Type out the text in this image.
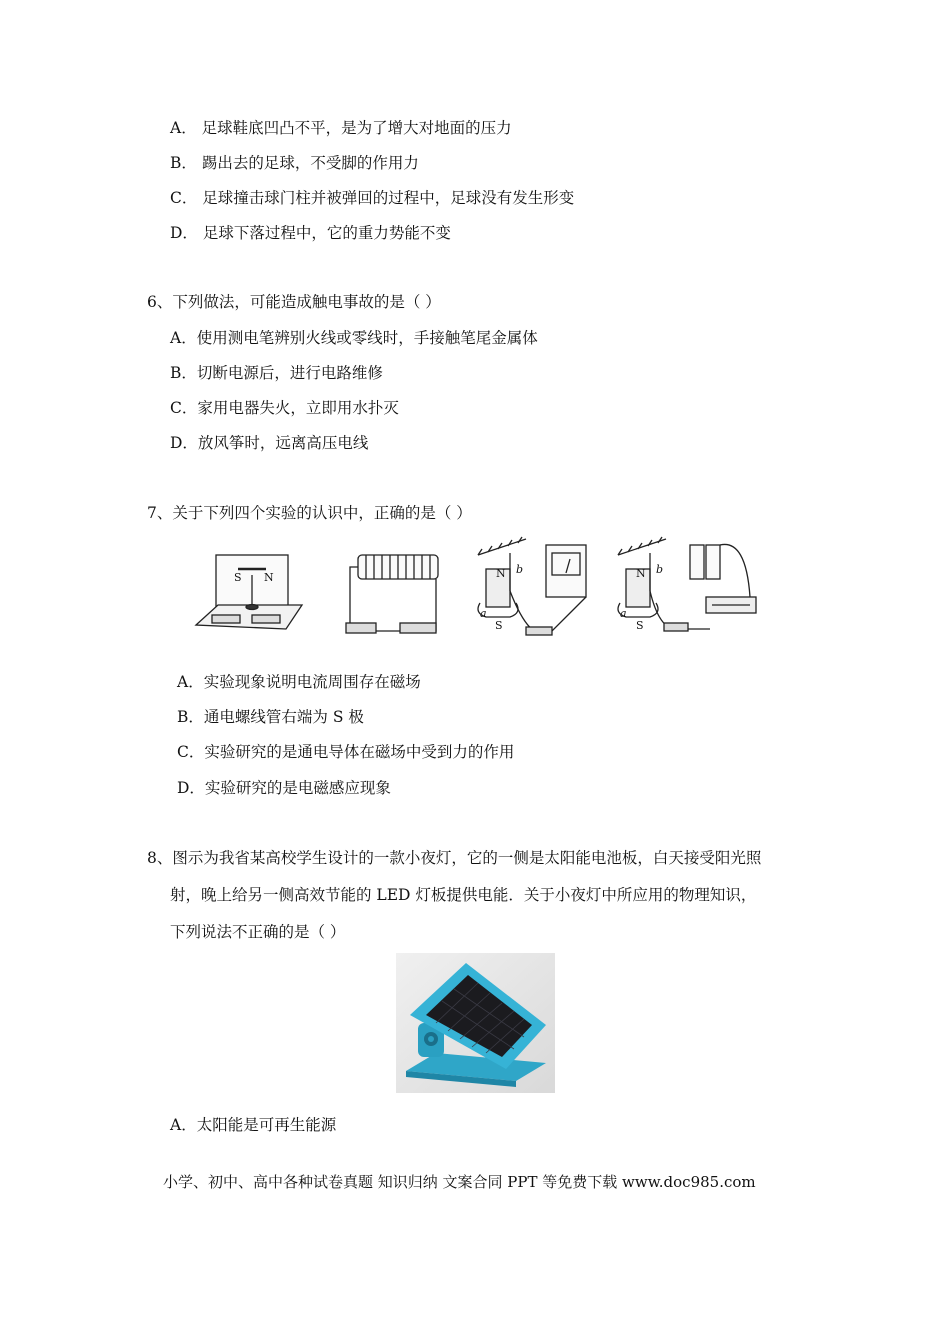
A． 足球鞋底凹凸不平，是为了增大对地面的压力
B． 踢出去的足球，不受脚的作用力
C． 足球撞击球门柱并被弹回的过程中，足球没有发生形变
D． 足球下落过程中，它的重力势能不变
6、下列做法，可能造成触电事故的是（ ）
A．使用测电笔辨别火线或零线时，手接触笔尾金属体
B．切断电源后，进行电路维修
C．家用电器失火，立即用水扑灭
D．放风筝时，远离高压电线
7、关于下列四个实验的认识中，正确的是（ ）
S N
S
N b
a
N b
a
S
A．实验现象说明电流周围存在磁场
B．通电螺线管右端为 S 极
C．实验研究的是通电导体在磁场中受到力的作用
D．实验研究的是电磁感应现象
8、图示为我省某高校学生设计的一款小夜灯，它的一侧是太阳能电池板，白天接受阳光照
射，晚上给另一侧高效节能的 LED 灯板提供电能．关于小夜灯中所应用的物理知识，
下列说法不正确的是（ ）
A．太阳能是可再生能源
小学、初中、高中各种试卷真题 知识归纳 文案合同 PPT 等免费下载 www.doc985.com
